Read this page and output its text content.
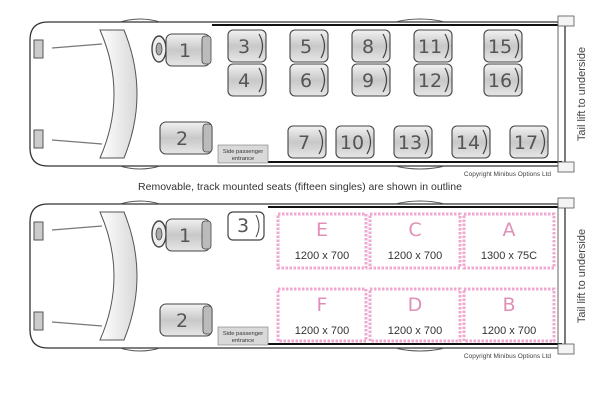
1
2
Side passenger
entrance
3
4
5
6
7
8
9
10
11
12
13 14
15
16
17
Tail lift to underside
Copyright Minibus Options Ltd
Removable, track mounted seats (fifteen singles) are shown in outline
1
2
3
Side passenger
entrance
E
1200 x 700
C
1200 x 700
A
1300 x 75C
F
1200 x 700
D
1200 x 700
B
1200 x 700
Tail lift to underside
Copyright Minibus Options Ltd
